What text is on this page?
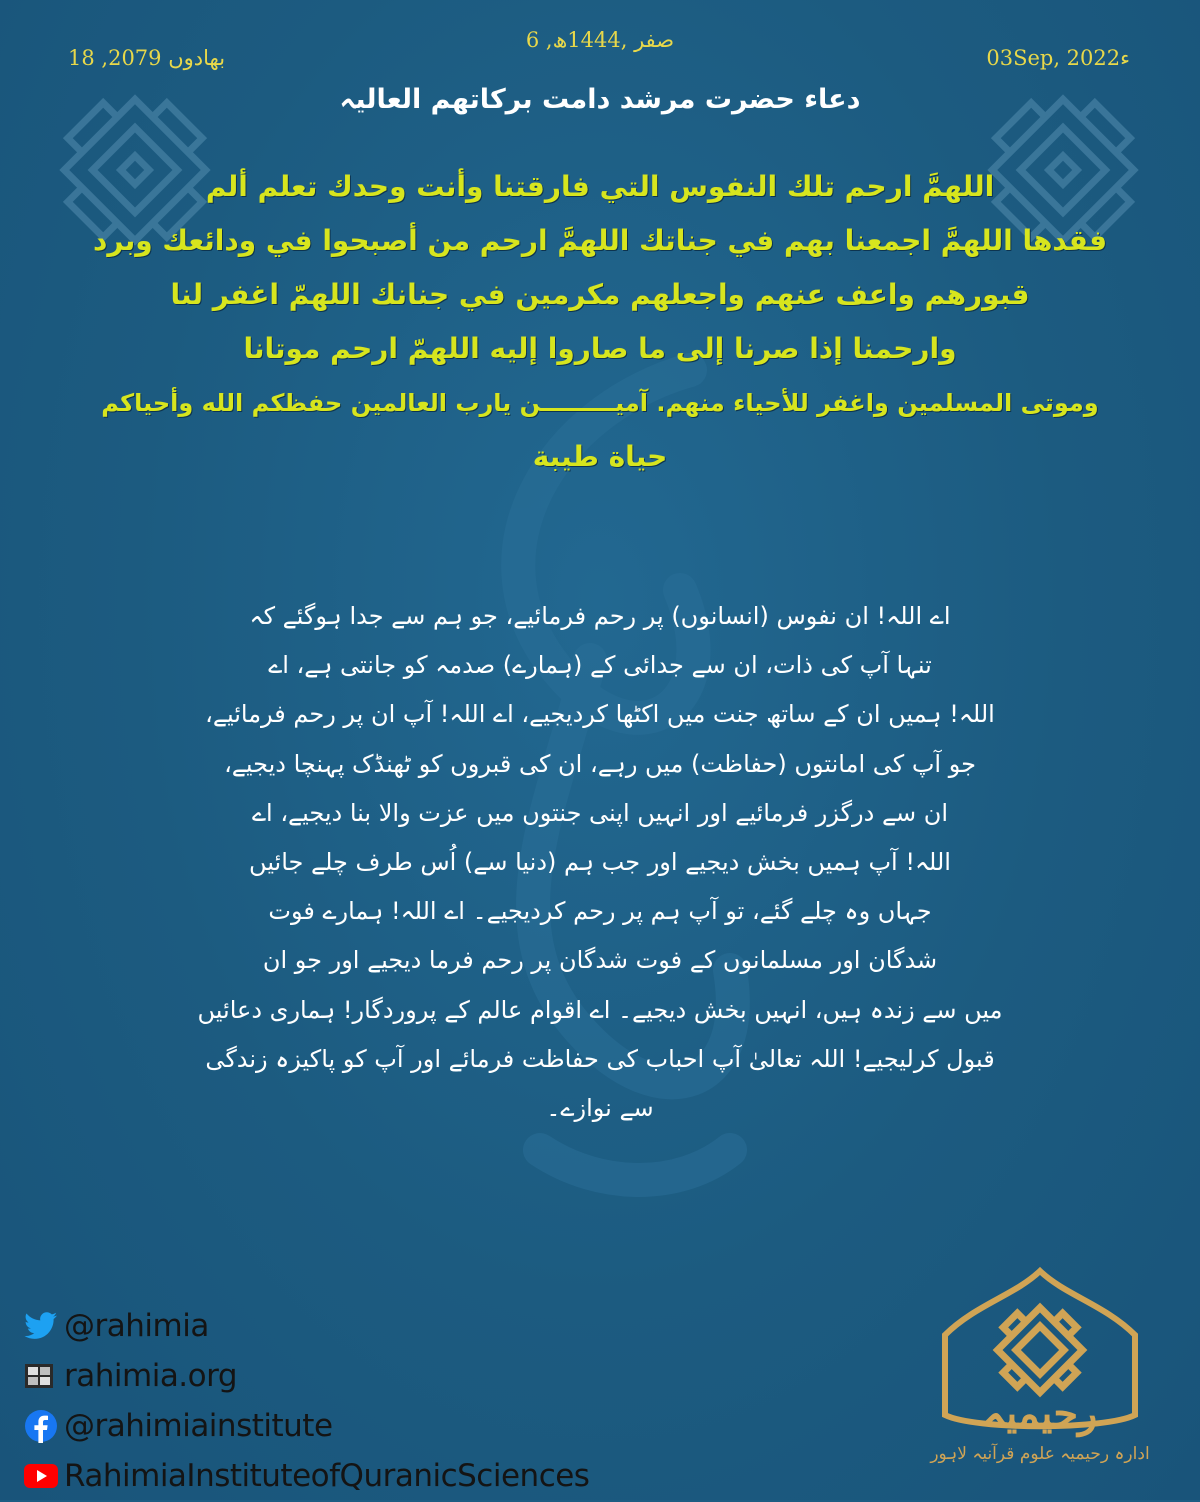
6 ,صفر ,1444ھ
18 ,بھادوں 2079	03Sep, 2022ء
دعاء حضرت مرشد دامت برکاتھم العالیہ
اللهمَّ ارحم تلك النفوس التي فارقتنا وأنت وحدك تعلم ألم
فقدها اللهمَّ اجمعنا بهم في جناتك اللهمَّ ارحم من أصبحوا في ودائعك وبرد
قبورهم واعف عنهم واجعلهم مكرمين في جنانك اللهمّ اغفر لنا
وارحمنا إذا صرنا إلى ما صاروا إليه اللهمّ ارحم موتانا
وموتى المسلمين واغفر للأحياء منهم. آميـــــــــن يارب العالمين حفظكم الله وأحياكم
حياة طيبة
اے اللہ! ان نفوس (انسانوں) پر رحم فرمائیے، جو ہم سے جدا ہوگئے کہ
تنہا آپ کی ذات، ان سے جدائی کے (ہمارے) صدمہ کو جانتی ہے، اے
اللہ! ہمیں ان کے ساتھ جنت میں اکٹھا کردیجیے، اے اللہ! آپ ان پر رحم فرمائیے،
جو آپ کی امانتوں (حفاظت) میں رہے، ان کی قبروں کو ٹھنڈک پہنچا دیجیے،
ان سے درگزر فرمائیے اور انہیں اپنی جنتوں میں عزت والا بنا دیجیے، اے
اللہ! آپ ہمیں بخش دیجیے اور جب ہم (دنیا سے) اُس طرف چلے جائیں
جہاں وہ چلے گئے، تو آپ ہم پر رحم کردیجیے۔ اے اللہ! ہمارے فوت
شدگان اور مسلمانوں کے فوت شدگان پر رحم فرما دیجیے اور جو ان
میں سے زندہ ہیں، انہیں بخش دیجیے۔ اے اقوام عالم کے پروردگار! ہماری دعائیں
قبول کرلیجیے! اللہ تعالیٰ آپ احباب کی حفاظت فرمائے اور آپ کو پاکیزہ زندگی
سے نوازے۔
@rahimia
rahimia.org
@rahimiainstitute
RahimiaInstituteofQuranicSciences
رحیمیہ
ادارہ رحیمیہ علوم قرآنیہ لاہور
